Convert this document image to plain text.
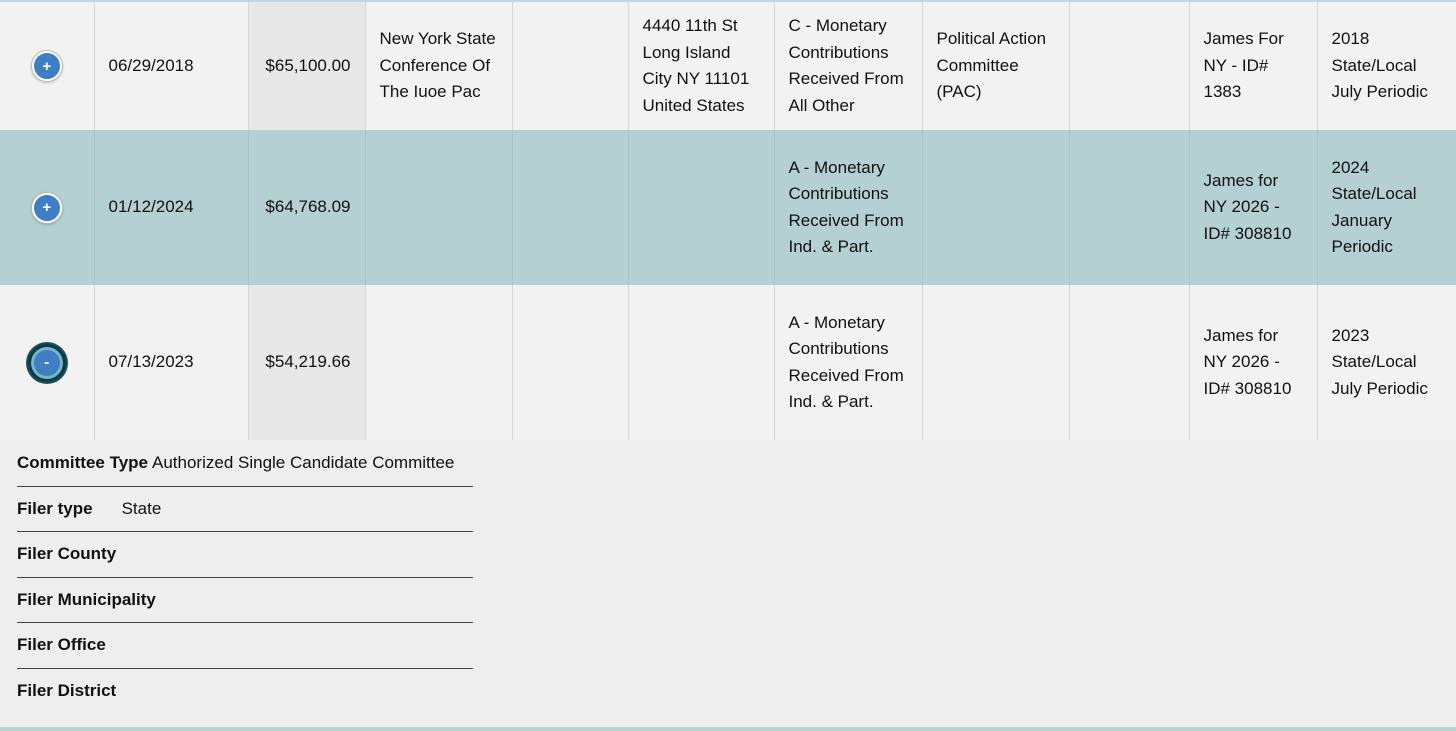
+	06/29/2018	$65,100.00	New York State Conference Of The Iuoe Pac		4440 11th St Long Island City NY 11101 United States	C - Monetary Contributions Received From All Other	Political Action Committee (PAC)		James For NY - ID# 1383	2018 State/Local July Periodic
+	01/12/2024	$64,768.09				A - Monetary Contributions Received From Ind. & Part.			James for NY 2026 - ID# 308810	2024 State/Local January Periodic
-	07/13/2023	$54,219.66				A - Monetary Contributions Received From Ind. & Part.			James for NY 2026 - ID# 308810	2023 State/Local July Periodic
Committee Type Authorized Single Candidate Committee
Filer type State
Filer County
Filer Municipality
Filer Office
Filer District
